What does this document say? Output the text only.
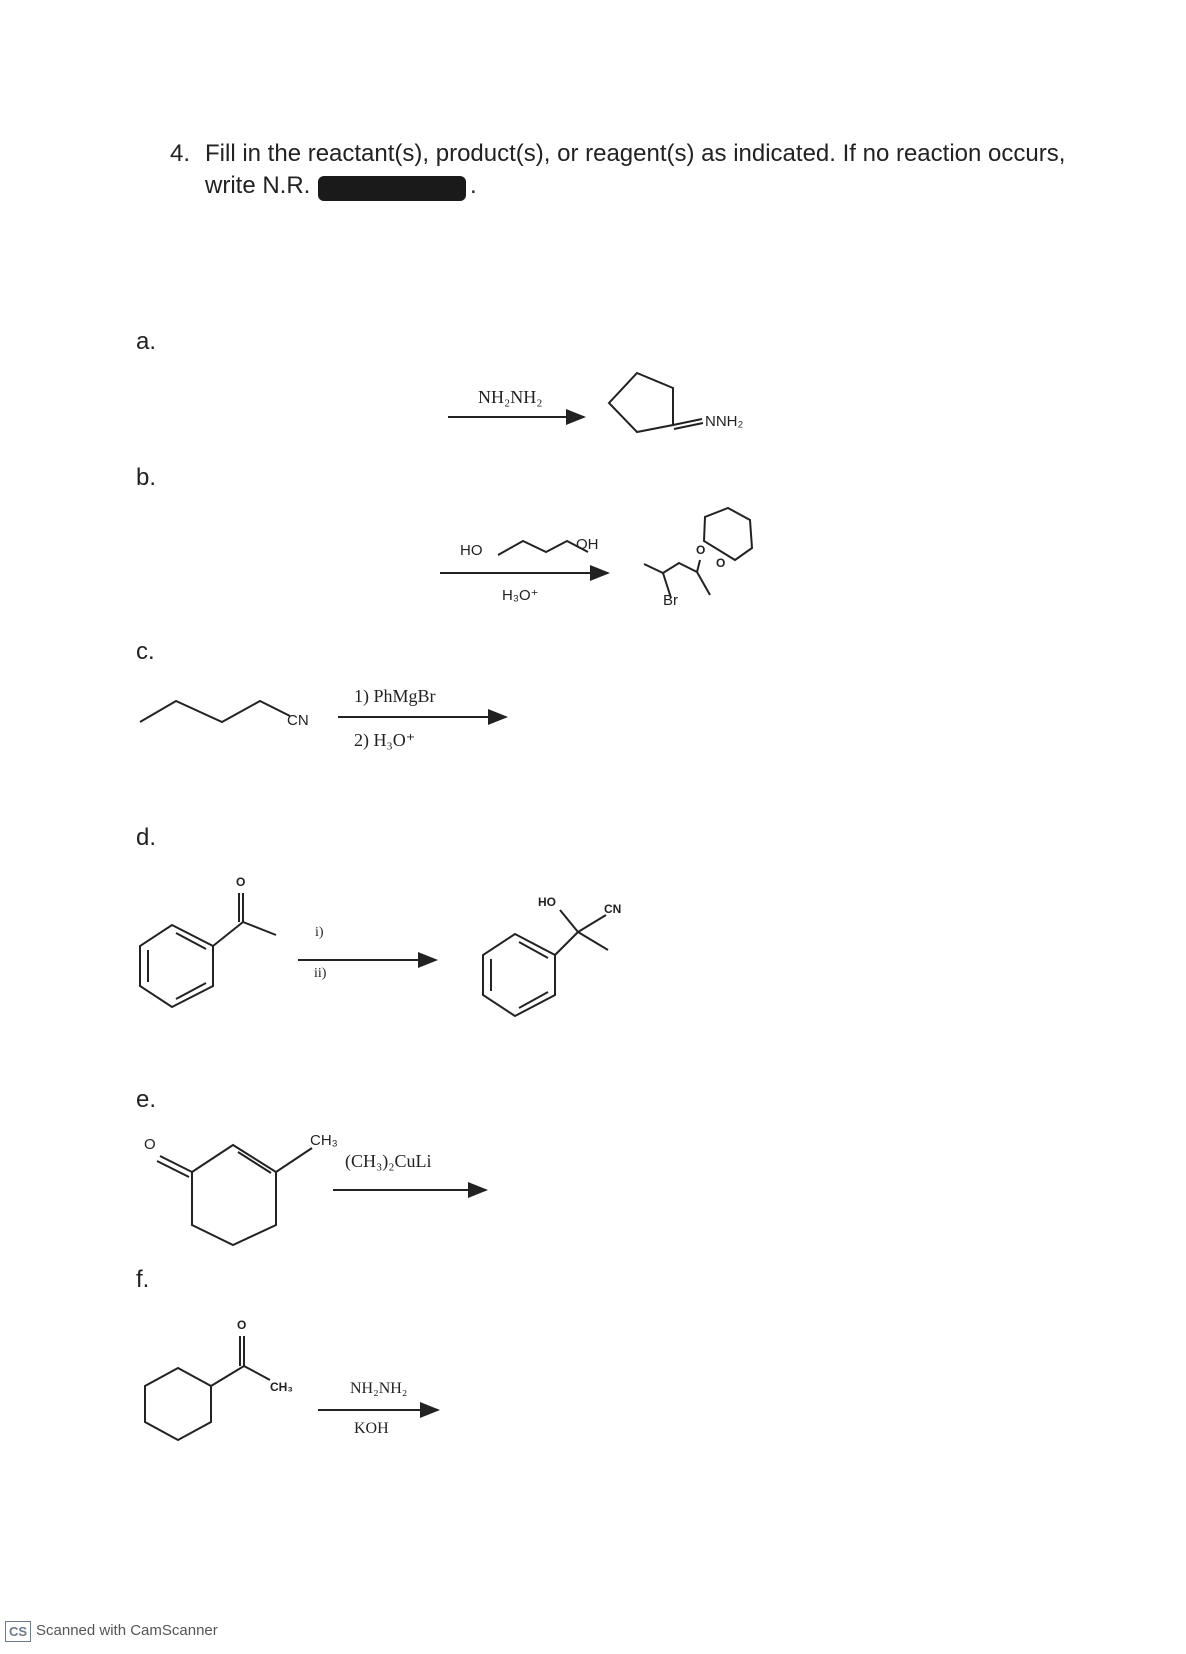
4. Fill in the reactant(s), product(s), or reagent(s) as indicated. If no reaction occurs,
write N.R.	.
a.
NH₂NH₂
NNH₂
b.
HO	OH
H₃O⁺	Br
O
O
c.
CN
1) PhMgBr
2) H₃O⁺
d.
O
i)
ii)
HO	CN
e.
O	CH₃
(CH₃)₂CuLi
f.
O
CH₃	NH₂NH₂
KOH
CS Scanned with CamScanner
